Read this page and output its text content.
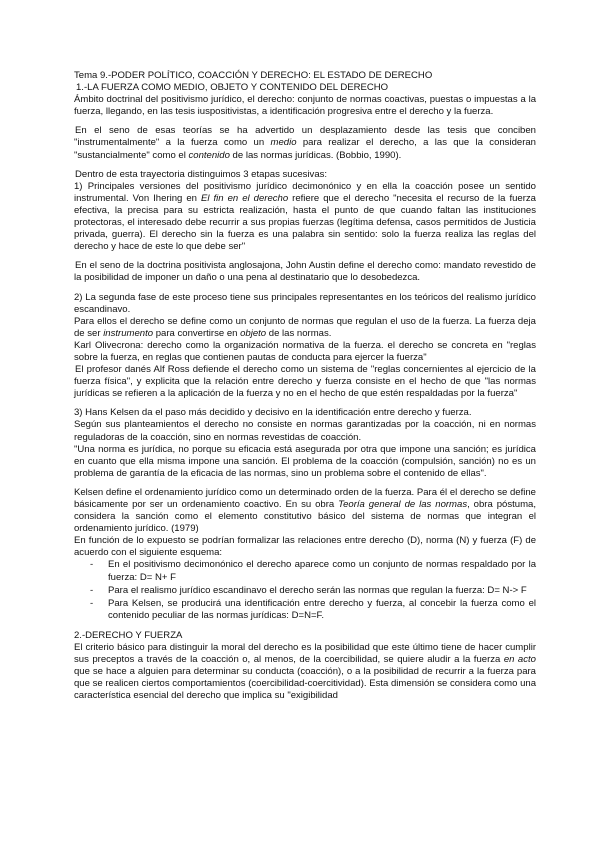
Tema 9.-PODER POLÍTICO, COACCIÓN Y DERECHO: EL ESTADO DE DERECHO

1.-LA FUERZA COMO MEDIO, OBJETO Y CONTENIDO DEL DERECHO

Ámbito doctrinal del positivismo jurídico, el derecho: conjunto de normas coactivas, puestas o impuestas a la fuerza, llegando, en las tesis iuspositivistas, a identificación progresiva entre el derecho y la fuerza.

En el seno de esas teorías se ha advertido un desplazamiento desde las tesis que conciben "instrumentalmente" a la fuerza como un medio para realizar el derecho, a las que la consideran "sustancialmente" como el contenido de las normas jurídicas. (Bobbio, 1990).

Dentro de esta trayectoria distinguimos 3 etapas sucesivas:

1) Principales versiones del positivismo jurídico decimonónico y en ella la coacción posee un sentido instrumental. Von Ihering en El fin en el derecho refiere que el derecho "necesita el recurso de la fuerza efectiva, la precisa para su estricta realización, hasta el punto de que cuando faltan las instituciones protectoras, el interesado debe recurrir a sus propias fuerzas (legítima defensa, casos permitidos de Justicia privada, guerra). El derecho sin la fuerza es una palabra sin sentido: solo la fuerza realiza las reglas del derecho y hace de este lo que debe ser"

En el seno de la doctrina positivista anglosajona, John Austin define el derecho como: mandato revestido de la posibilidad de imponer un daño o una pena al destinatario que lo desobedezca.

2) La segunda fase de este proceso tiene sus principales representantes en los teóricos del realismo jurídico escandinavo.

Para ellos el derecho se define como un conjunto de normas que regulan el uso de la fuerza. La fuerza deja de ser instrumento para convertirse en objeto de las normas.

Karl Olivecrona: derecho como la organización normativa de la fuerza. el derecho se concreta en "reglas sobre la fuerza, en reglas que contienen pautas de conducta para ejercer la fuerza"

El profesor danés Alf Ross defiende el derecho como un sistema de "reglas concernientes al ejercicio de la fuerza física", y explicita que la relación entre derecho y fuerza consiste en el hecho de que "las normas jurídicas se refieren a la aplicación de la fuerza y no en el hecho de que estén respaldadas por la fuerza"

3) Hans Kelsen da el paso más decidido y decisivo en la identificación entre derecho y fuerza.

Según sus planteamientos el derecho no consiste en normas garantizadas por la coacción, ni en normas reguladoras de la coacción, sino en normas revestidas de coacción.

"Una norma es jurídica, no porque su eficacia está asegurada por otra que impone una sanción; es jurídica en cuanto que ella misma impone una sanción. El problema de la coacción (compulsión, sanción) no es un problema de garantía de la eficacia de las normas, sino un problema sobre el contenido de ellas".

Kelsen define el ordenamiento jurídico como un determinado orden de la fuerza. Para él el derecho se define básicamente por ser un ordenamiento coactivo. En su obra Teoría general de las normas, obra póstuma, considera la sanción como el elemento constitutivo básico del sistema de normas que integran el ordenamiento jurídico. (1979)

En función de lo expuesto se podrían formalizar las relaciones entre derecho (D), norma (N) y fuerza (F) de acuerdo con el siguiente esquema:

- En el positivismo decimonónico el derecho aparece como un conjunto de normas respaldado por la fuerza: D= N+ F
- Para el realismo jurídico escandinavo el derecho serán las normas que regulan la fuerza: D= N-> F
- Para Kelsen, se producirá una identificación entre derecho y fuerza, al concebir la fuerza como el contenido peculiar de las normas jurídicas: D=N=F.

2.-DERECHO Y FUERZA

El criterio básico para distinguir la moral del derecho es la posibilidad que este último tiene de hacer cumplir sus preceptos a través de la coacción o, al menos, de la coercibilidad, se quiere aludir a la fuerza en acto que se hace a alguien para determinar su conducta (coacción), o a la posibilidad de recurrir a la fuerza para que se realicen ciertos comportamientos (coercibilidad-coercitividad). Esta dimensión se considera como una característica esencial del derecho que implica su "exigibilidad
